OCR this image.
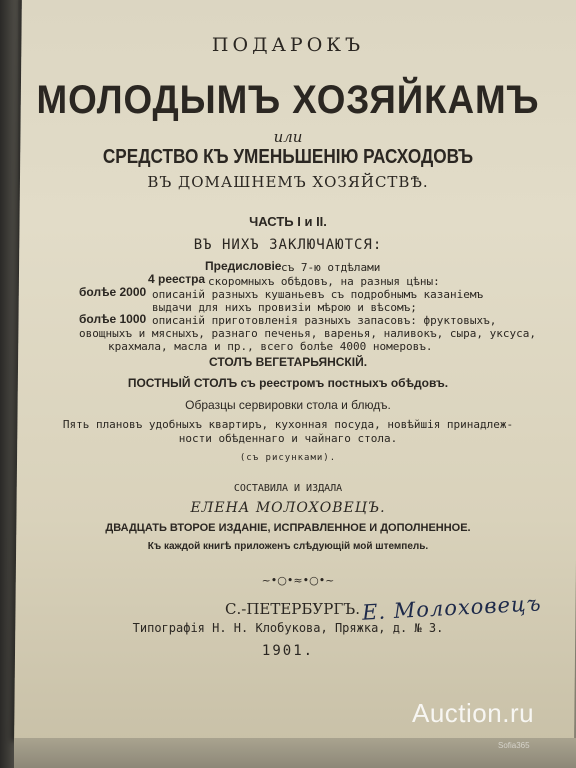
ПОДАРОКЪ
МОЛОДЫМЪ ХОЗЯЙКАМЪ
или
СРЕДСТВО КЪ УМЕНЬШЕНІЮ РАСХОДОВЪ
ВЪ ДОМАШНЕМЪ ХОЗЯЙСТВѢ.
ЧАСТЬ I и II.
ВЪ НИХЪ ЗАКЛЮЧАЮТСЯ:
Предисловіе съ 7-ю отдѣлами
4 реестра скоромныхъ обѣдовъ, на разныя цѣны:
болѣе 2000 описаній разныхъ кушаньевъ съ подробнымъ казаніемъ
выдачи для нихъ провизіи мѣрою и вѣсомъ;
болѣе 1000 описаній приготовленія разныхъ запасовъ: фруктовыхъ,
овощныхъ и мясныхъ, разнаго печенья, варенья, наливокъ, сыра, уксуса,
крахмала, масла и пр., всего болѣе 4000 номеровъ.
СТОЛЪ ВЕГЕТАРЬЯНСКІЙ.
ПОСТНЫЙ СТОЛЪ съ реестромъ постныхъ обѣдовъ.
Образцы сервировки стола и блюдъ.
Пять плановъ удобныхъ квартиръ, кухонная посуда, новѣйшія принадлеж-
ности обѣденнаго и чайнаго стола.
(съ рисунками).
СОСТАВИЛА И ИЗДАЛА
ЕЛЕНА МОЛОХОВЕЦЪ.
ДВАДЦАТЬ ВТОРОЕ ИЗДАНІЕ, ИСПРАВЛЕННОЕ И ДОПОЛНЕННОЕ.
Къ каждой книгѣ приложенъ слѣдующій мой штемпель.
~•○•≈•○•~
С.-ПЕТЕРБУРГЪ. Е. Молоховецъ
Типографія Н. Н. Клобукова, Пряжка, д. № 3.
1901.
Auction.ru
Sofia365
